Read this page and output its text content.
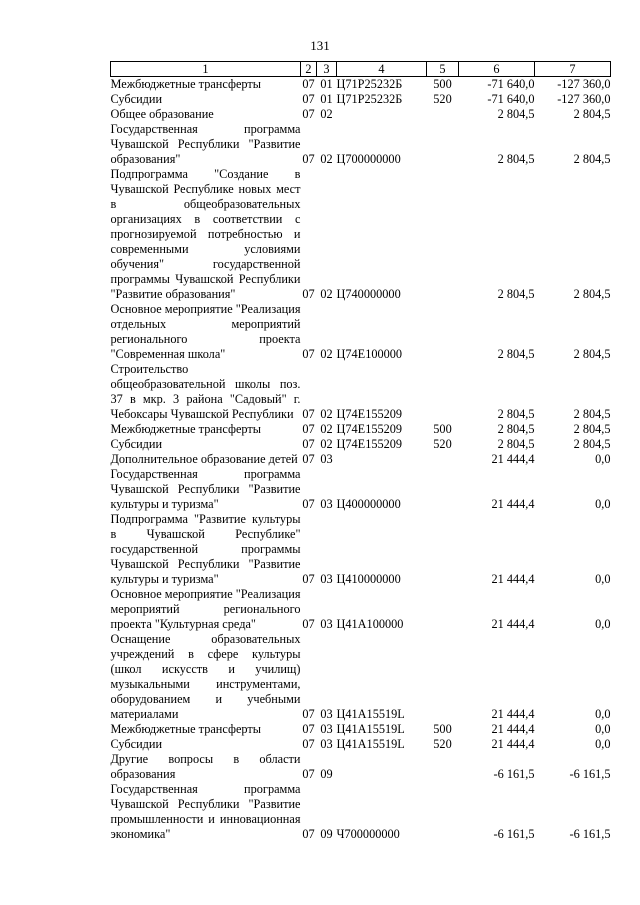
131
1	2	3	4	5	6	7
Межбюджетные трансферты	07	01	Ц71Р25232Б	500	-71 640,0	-127 360,0
Субсидии	07	01	Ц71Р25232Б	520	-71 640,0	-127 360,0
Общее образование	07	02			2 804,5	2 804,5
Государственная программа Чувашской Республики "Развитие образования"	07	02	Ц700000000		2 804,5	2 804,5
Подпрограмма "Создание в Чувашской Республике новых мест в общеобразовательных организациях в соответствии с прогнозируемой потребностью и современными условиями обучения" государственной программы Чувашской Республики "Развитие образования"	07	02	Ц740000000		2 804,5	2 804,5
Основное мероприятие "Реализация отдельных мероприятий регионального проекта "Современная школа"	07	02	Ц74Е100000		2 804,5	2 804,5
Строительство общеобразовательной школы поз. 37 в мкр. 3 района "Садовый" г. Чебоксары Чувашской Республики	07	02	Ц74Е155209		2 804,5	2 804,5
Межбюджетные трансферты	07	02	Ц74Е155209	500	2 804,5	2 804,5
Субсидии	07	02	Ц74Е155209	520	2 804,5	2 804,5
Дополнительное образование детей	07	03			21 444,4	0,0
Государственная программа Чувашской Республики "Развитие культуры и туризма"	07	03	Ц400000000		21 444,4	0,0
Подпрограмма "Развитие культуры в Чувашской Республике" государственной программы Чувашской Республики "Развитие культуры и туризма"	07	03	Ц410000000		21 444,4	0,0
Основное мероприятие "Реализация мероприятий регионального проекта "Культурная среда"	07	03	Ц41А100000		21 444,4	0,0
Оснащение образовательных учреждений в сфере культуры (школ искусств и училищ) музыкальными инструментами, оборудованием и учебными материалами	07	03	Ц41А15519L		21 444,4	0,0
Межбюджетные трансферты	07	03	Ц41А15519L	500	21 444,4	0,0
Субсидии	07	03	Ц41А15519L	520	21 444,4	0,0
Другие вопросы в области образования	07	09			-6 161,5	-6 161,5
Государственная программа Чувашской Республики "Развитие промышленности и инновационная экономика"	07	09	Ч700000000		-6 161,5	-6 161,5
